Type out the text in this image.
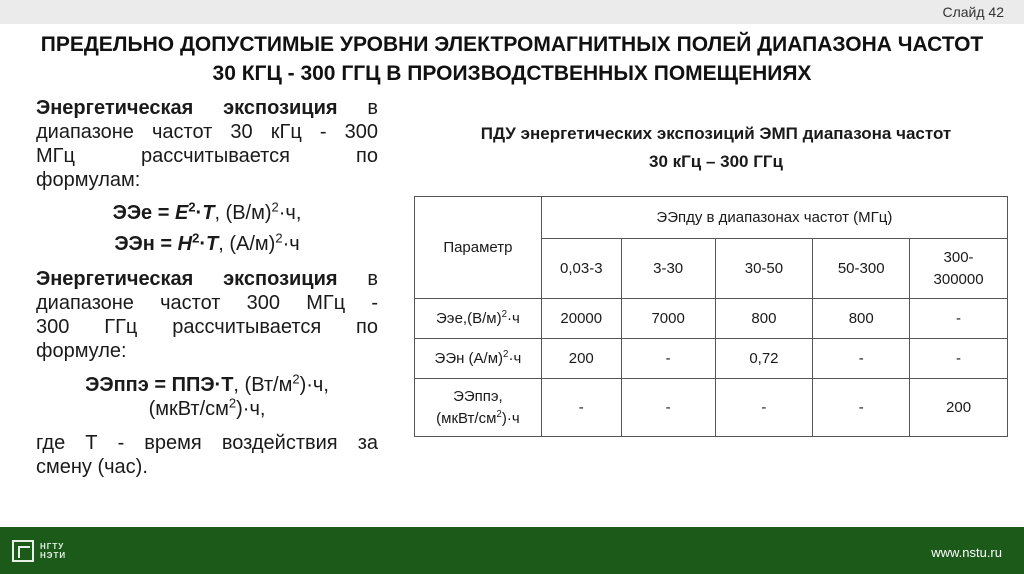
Слайд 42
ПРЕДЕЛЬНО ДОПУСТИМЫЕ УРОВНИ ЭЛЕКТРОМАГНИТНЫХ ПОЛЕЙ ДИАПАЗОНА ЧАСТОТ
30 КГЦ - 300 ГГЦ В ПРОИЗВОДСТВЕННЫХ ПОМЕЩЕНИЯХ
Энергетическая экспозиция в
диапазоне частот 30 кГц - 300
МГц рассчитывается по
формулам:
ЭЭе = $E^2\cdot T$, $(В/м)^2\cdot ч$,
ЭЭн = $H^2\cdot T$, $(А/м)^2\cdot ч$
Энергетическая экспозиция в
диапазоне частот 300 МГц -
300 ГГц рассчитывается по
формуле:
ЭЭппэ = ППЭ·Т, $(Вт/м^2)\cdot ч$,
$(мкВт/см^2)\cdot ч$,
где Т - время воздействия за
смену (час).
ПДУ энергетических экспозиций ЭМП диапазона частот
30 кГц – 300 ГГц
Параметр	ЭЭпду в диапазонах частот (МГц)				
	0,03-3	3-30	30-50	50-300	300-
300000
$Ээе,(В/м)^2\cdot ч$	20000	7000	800	800	-
ЭЭн $(А/м)^2\cdot ч$	200	-	0,72	-	-

ЭЭппэ,
$(мкВт/см^2)\cdot ч$	-	-	-	-	200
НГТУ
НЭТИ	www.nstu.ru
